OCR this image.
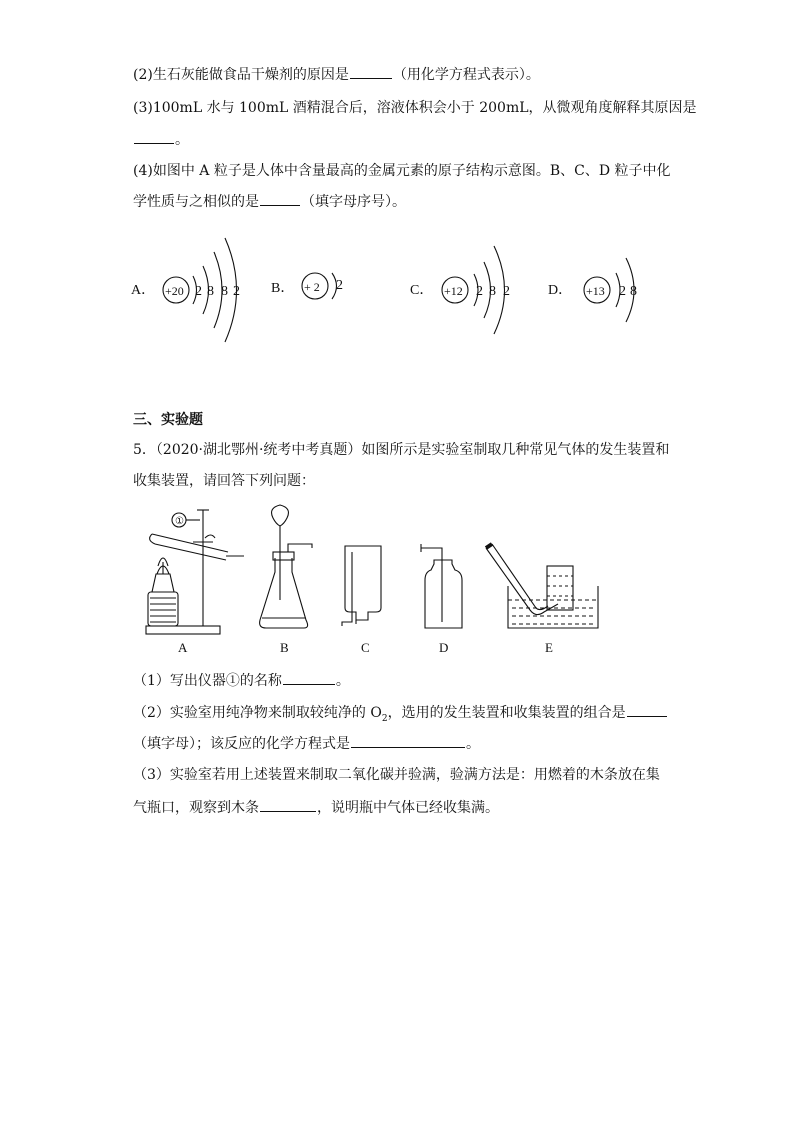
(2)生石灰能做食品干燥剂的原因是	（用化学方程式表示）。
(3)100mL 水与 100mL 酒精混合后，溶液体积会小于 200mL，从微观角度解释其原因是
。
(4)如图中 A 粒子是人体中含量最高的金属元素的原子结构示意图。B、C、D 粒子中化
学性质与之相似的是	（填字母序号）。
A． +20 2 8 8 2 B． + 2 2	C． +12 2 8 2	D． +13 2 8
三、实验题
5．（2020·湖北鄂州·统考中考真题）如图所示是实验室制取几种常见气体的发生装置和
收集装置，请回答下列问题：
①
A	B	C	D	E
（1）写出仪器①的名称	。
（2）实验室用纯净物来制取较纯净的 $O_2$，选用的发生装置和收集装置的组合是
（填字母）；该反应的化学方程式是	。
（3）实验室若用上述装置来制取二氧化碳并验满，验满方法是：用燃着的木条放在集
气瓶口，观察到木条	，说明瓶中气体已经收集满。
